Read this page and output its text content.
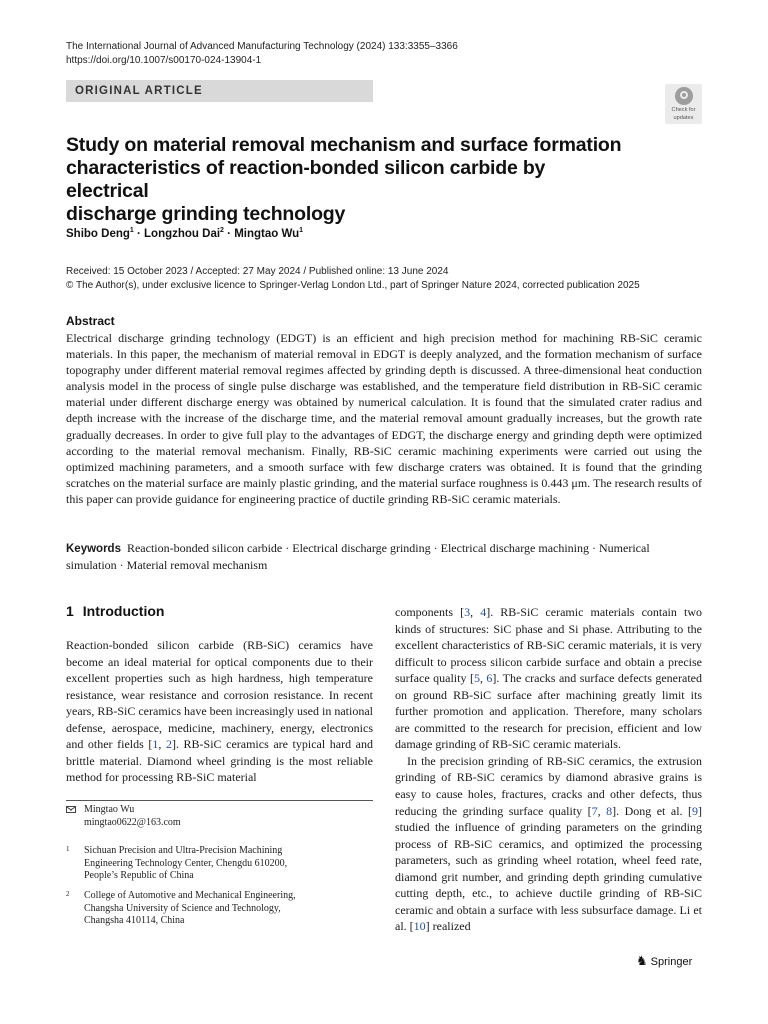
The International Journal of Advanced Manufacturing Technology (2024) 133:3355–3366
https://doi.org/10.1007/s00170-024-13904-1
ORIGINAL ARTICLE
Check for
updates
Study on material removal mechanism and surface formation
characteristics of reaction-bonded silicon carbide by electrical
discharge grinding technology
Shibo Deng$^1$ · Longzhou Dai$^2$ · Mingtao Wu$^1$
Received: 15 October 2023 / Accepted: 27 May 2024 / Published online: 13 June 2024
© The Author(s), under exclusive licence to Springer-Verlag London Ltd., part of Springer Nature 2024, corrected publication 2025
Abstract
Electrical discharge grinding technology (EDGT) is an efficient and high precision method for machining RB-SiC ceramic materials. In this paper, the mechanism of material removal in EDGT is deeply analyzed, and the formation mechanism of surface topography under different material removal regimes affected by grinding depth is discussed. A three-dimensional heat conduction analysis model in the process of single pulse discharge was established, and the temperature field distribution in RB-SiC ceramic material under different discharge energy was obtained by numerical calculation. It is found that the simulated crater radius and depth increase with the increase of the discharge time, and the material removal amount gradually increases, but the growth rate gradually decreases. In order to give full play to the advantages of EDGT, the discharge energy and grinding depth were optimized according to the material removal mechanism. Finally, RB-SiC ceramic machining experiments were carried out using the optimized machining parameters, and a smooth surface with few discharge craters was obtained. It is found that the grinding scratches on the material surface are mainly plastic grinding, and the material surface roughness is 0.443 μm. The research results of this paper can provide guidance for engineering practice of ductile grinding RB-SiC ceramic materials.
Keywords Reaction-bonded silicon carbide · Electrical discharge grinding · Electrical discharge machining · Numerical simulation · Material removal mechanism
1 Introduction
Reaction-bonded silicon carbide (RB-SiC) ceramics have become an ideal material for optical components due to their excellent properties such as high hardness, high temperature resistance, wear resistance and corrosion resistance. In recent years, RB-SiC ceramics have been increasingly used in national defense, aerospace, medicine, machinery, energy, electronics and other fields [1, 2]. RB-SiC ceramics are typical hard and brittle material. Diamond wheel grinding is the most reliable method for processing RB-SiC material
components [3, 4]. RB-SiC ceramic materials contain two kinds of structures: SiC phase and Si phase. Attributing to the excellent characteristics of RB-SiC ceramic materials, it is very difficult to process silicon carbide surface and obtain a precise surface quality [5, 6]. The cracks and surface defects generated on ground RB-SiC surface after machining greatly limit its further promotion and application. Therefore, many scholars are committed to the research for precision, efficient and low damage grinding of RB-SiC ceramic materials.
In the precision grinding of RB-SiC ceramics, the extrusion grinding of RB-SiC ceramics by diamond abrasive grains is easy to cause holes, fractures, cracks and other defects, thus reducing the grinding surface quality [7, 8]. Dong et al. [9] studied the influence of grinding parameters on the grinding process of RB-SiC ceramics, and optimized the processing parameters, such as grinding wheel rotation, wheel feed rate, diamond grit number, and grinding depth grinding cumulative cutting depth, etc., to achieve ductile grinding of RB-SiC ceramic and obtain a surface with less subsurface damage. Li et al. [10] realized
Mingtao Wu
mingtao0622@163.com
1 Sichuan Precision and Ultra-Precision Machining
Engineering Technology Center, Chengdu 610200,
People’s Republic of China
2 College of Automotive and Mechanical Engineering,
Changsha University of Science and Technology,
Changsha 410114, China
♞ Springer
